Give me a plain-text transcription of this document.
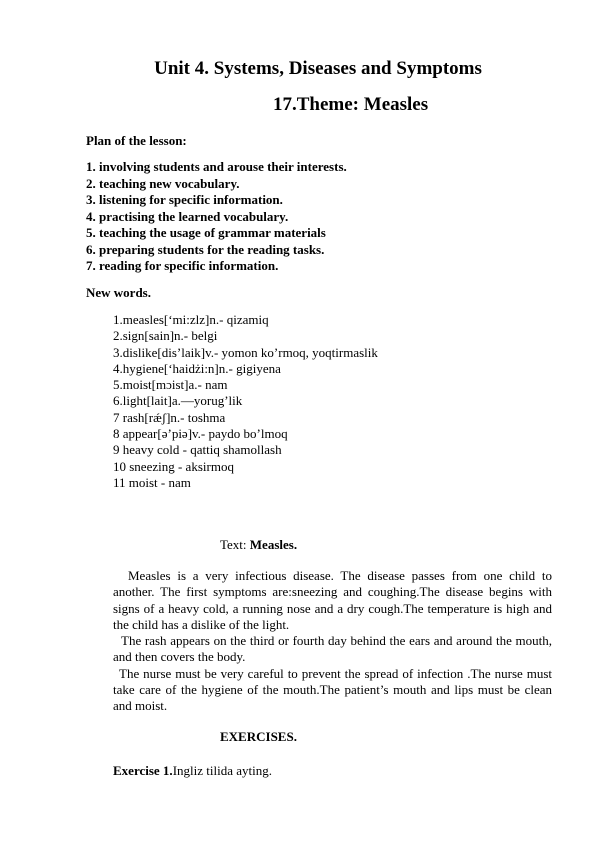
Unit 4. Systems, Diseases and Symptoms
17.Theme: Measles
Plan of the lesson:
1. involving students and arouse their interests.
2. teaching new vocabulary.
3. listening for specific information.
4. practising the learned vocabulary.
5. teaching the usage of grammar materials
6. preparing students for the reading tasks.
7. reading for specific information.
New words.
1.measles[‘mi:zlz]n.- qizamiq
2.sign[sain]n.- belgi
3.dislike[dis’laik]v.- yomon ko’rmoq, yoqtirmaslik
4.hygiene[‘haidżi:n]n.- gigiyena
5.moist[mɔist]a.- nam
6.light[lait]a.—yorug’lik
7 rash[rǽʃ]n.- toshma
8 appear[ə’piə]v.- paydo bo’lmoq
9 heavy cold - qattiq shamollash
10 sneezing - aksirmoq
11 moist - nam
Text: Measles.

Measles is a very infectious disease. The disease passes from one child to another. The first symptoms are:sneezing and coughing.The disease begins with signs of a heavy cold, a running nose and a dry cough.The temperature is high and the child has a dislike of the light.

The rash appears on the third or fourth day behind the ears and around the mouth, and then covers the body.

The nurse must be very careful to prevent the spread of infection .The nurse must take care of the hygiene of the mouth.The patient’s mouth and lips must be clean and moist.

EXERCISES.
Exercise 1.Ingliz tilida ayting.
